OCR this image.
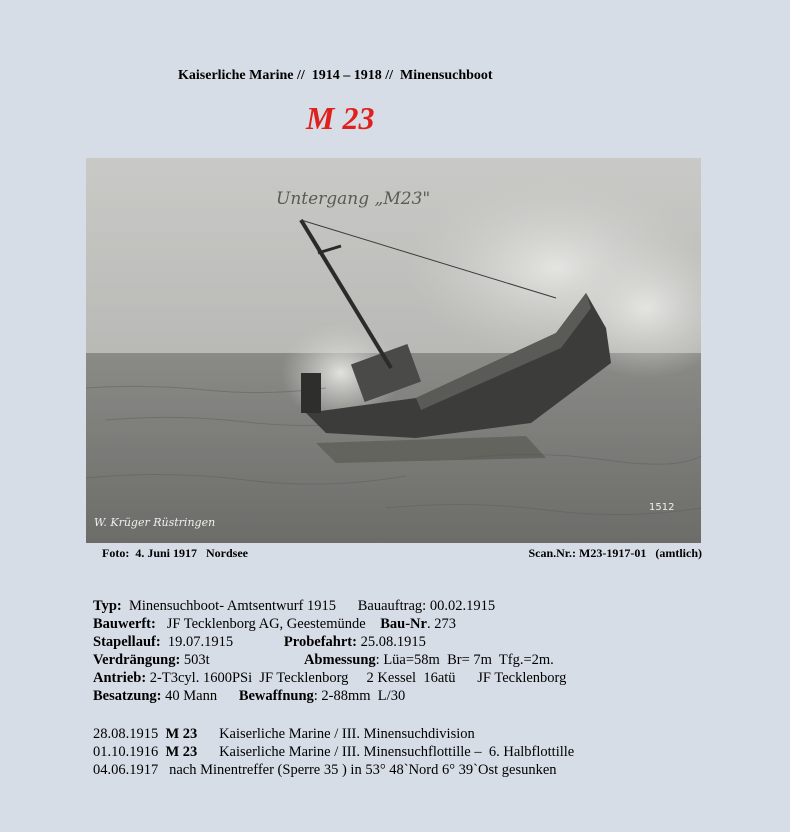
Kaiserliche Marine //  1914 – 1918 //  Minensuchboot
M 23
Untergang „M23"
1512
W. Krüger Rüstringen
Foto:  4. Juni 1917   Nordsee	Scan.Nr.: M23-1917-01   (amtlich)
Typ:  Minensuchboot- Amtsentwurf 1915      Bauauftrag: 00.02.1915
Bauwerft:   JF Tecklenborg AG, Geestemünde    Bau-Nr. 273
Stapellauf:  19.07.1915              Probefahrt: 25.08.1915
Verdrängung: 503t                          Abmessung: Lüa=58m  Br= 7m  Tfg.=2m.
Antrieb: 2-T3cyl. 1600PSi  JF Tecklenborg     2 Kessel  16atü      JF Tecklenborg
Besatzung: 40 Mann      Bewaffnung: 2-88mm  L/30
28.08.1915  M 23      Kaiserliche Marine / III. Minensuchdivision
01.10.1916  M 23      Kaiserliche Marine / III. Minensuchflottille –  6. Halbflottille
04.06.1917   nach Minentreffer (Sperre 35 ) in 53° 48`Nord 6° 39`Ost gesunken
